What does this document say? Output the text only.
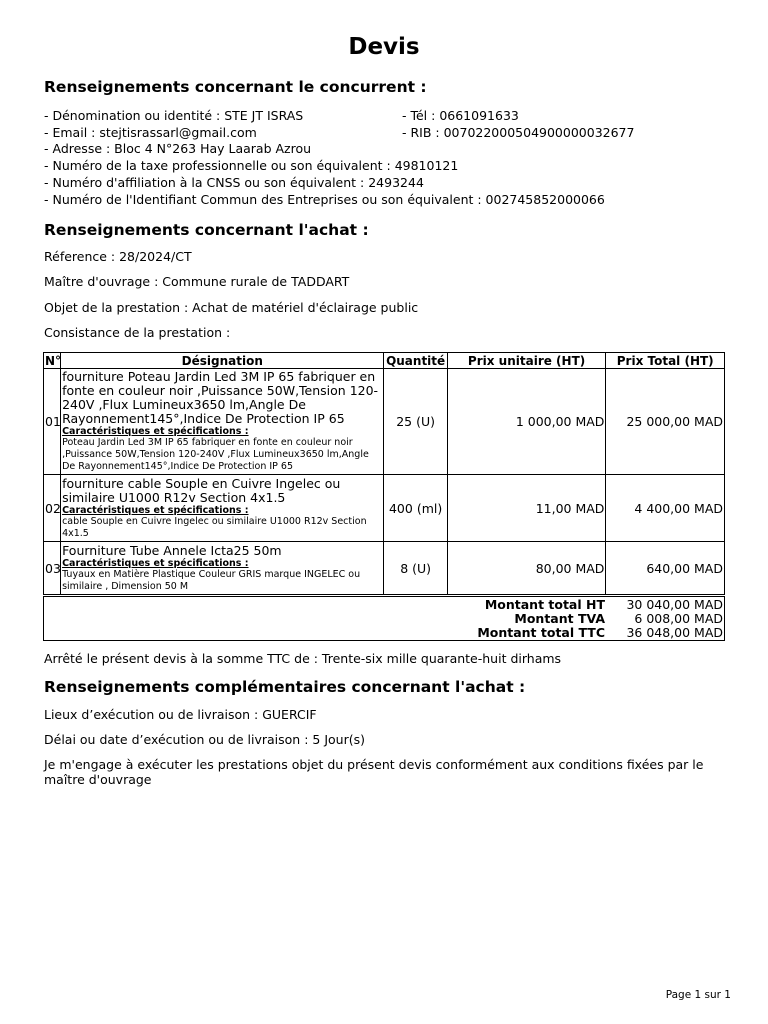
Devis
Renseignements concernant le concurrent :

- Dénomination ou identité : STE JT ISRAS	- Tél : 0661091633

- Email : stejtisrassarl@gmail.com	- RIB : 007022000504900000032677

- Adresse : Bloc 4 N°263 Hay Laarab Azrou

- Numéro de la taxe professionnelle ou son équivalent : 49810121

- Numéro d'affiliation à la CNSS ou son équivalent : 2493244

- Numéro de l'Identifiant Commun des Entreprises ou son équivalent : 002745852000066

Renseignements concernant l'achat :

Réference : 28/2024/CT

Maître d'ouvrage : Commune rurale de TADDART

Objet de la prestation : Achat de matériel d'éclairage public

Consistance de la prestation :

N°	Désignation	Quantité	Prix unitaire (HT)	Prix Total (HT)
01	fourniture Poteau Jardin Led 3M IP 65 fabriquer en fonte en couleur noir ,Puissance 50W,Tension 120-240V ,Flux Lumineux3650 lm,Angle De Rayonnement145°,Indice De Protection IP 65
Caractéristiques et spécifications :
Poteau Jardin Led 3M IP 65 fabriquer en fonte en couleur noir ,Puissance 50W,Tension 120-240V ,Flux Lumineux3650 lm,Angle De Rayonnement145°,Indice De Protection IP 65	25 (U)	1 000,00 MAD	25 000,00 MAD
02	fourniture cable Souple en Cuivre Ingelec ou similaire U1000 R12v Section 4x1.5
Caractéristiques et spécifications :
cable Souple en Cuivre Ingelec ou similaire U1000 R12v Section 4x1.5	400 (ml)	11,00 MAD	4 400,00 MAD
03	Fourniture Tube Annele Icta25 50m
Caractéristiques et spécifications :
Tuyaux en Matière Plastique Couleur GRIS marque INGELEC ou similaire , Dimension 50 M	8 (U)	80,00 MAD	640,00 MAD
Montant total HT 30 040,00 MAD
Montant TVA 6 008,00 MAD
Montant total TTC 36 048,00 MAD

Arrêté le présent devis à la somme TTC de : Trente-six mille quarante-huit dirhams

Renseignements complémentaires concernant l'achat :

Lieux d’exécution ou de livraison : GUERCIF

Délai ou date d’exécution ou de livraison : 5 Jour(s)

Je m'engage à exécuter les prestations objet du présent devis conformément aux conditions fixées par le maître d'ouvrage

Page 1 sur 1
